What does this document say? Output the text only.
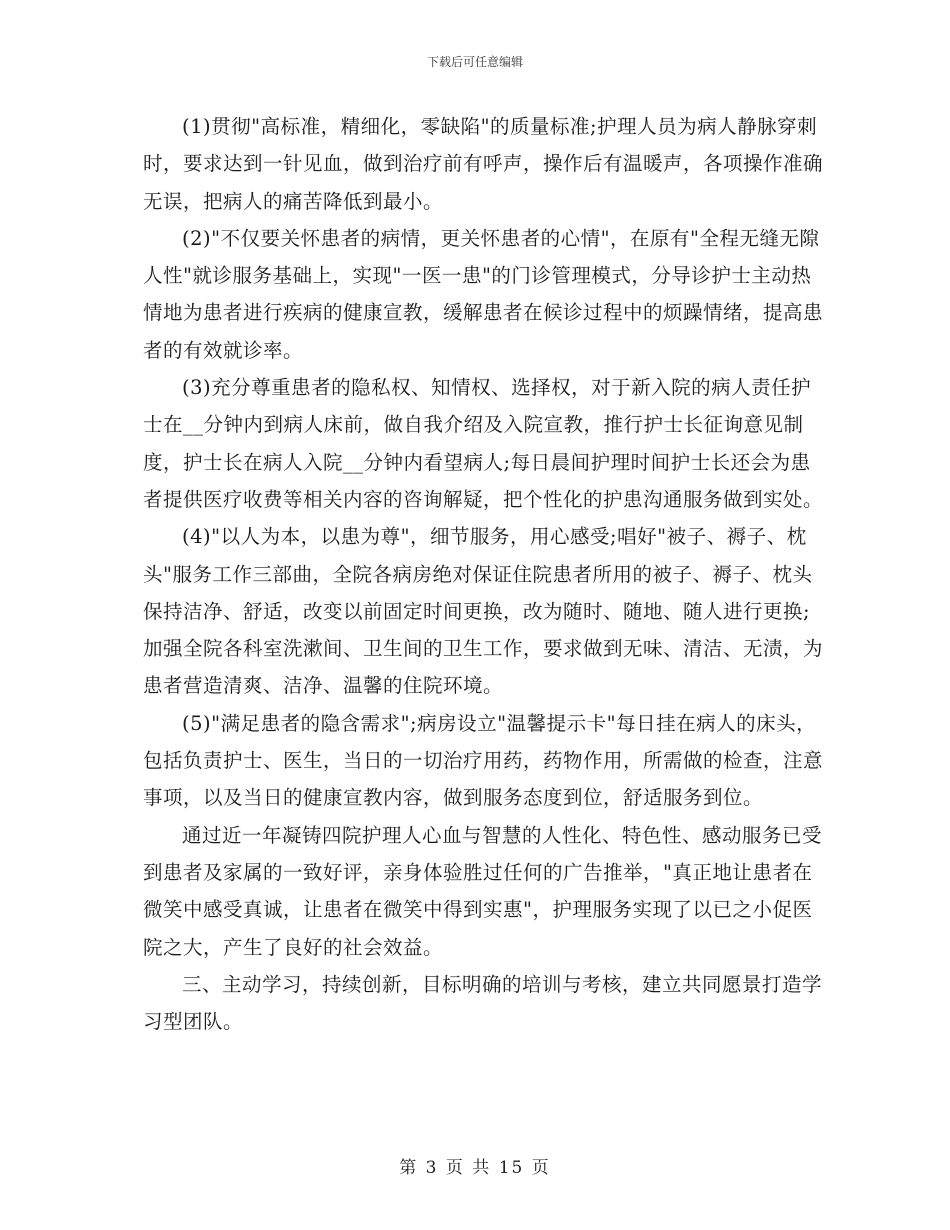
下载后可任意编辑

(1)贯彻"高标准，精细化，零缺陷"的质量标准;护理人员为病人静脉穿刺时，要求达到一针见血，做到治疗前有呼声，操作后有温暖声，各项操作准确无误，把病人的痛苦降低到最小。

(2)"不仅要关怀患者的病情，更关怀患者的心情"，在原有"全程无缝无隙人性"就诊服务基础上，实现"一医一患"的门诊管理模式，分导诊护士主动热情地为患者进行疾病的健康宣教，缓解患者在候诊过程中的烦躁情绪，提高患者的有效就诊率。

(3)充分尊重患者的隐私权、知情权、选择权，对于新入院的病人责任护士在__分钟内到病人床前，做自我介绍及入院宣教，推行护士长征询意见制度，护士长在病人入院__分钟内看望病人;每日晨间护理时间护士长还会为患者提供医疗收费等相关内容的咨询解疑，把个性化的护患沟通服务做到实处。

(4)"以人为本，以患为尊"，细节服务，用心感受;唱好"被子、褥子、枕头"服务工作三部曲，全院各病房绝对保证住院患者所用的被子、褥子、枕头保持洁净、舒适，改变以前固定时间更换，改为随时、随地、随人进行更换;加强全院各科室洗漱间、卫生间的卫生工作，要求做到无味、清洁、无渍，为患者营造清爽、洁净、温馨的住院环境。

(5)"满足患者的隐含需求";病房设立"温馨提示卡"每日挂在病人的床头，包括负责护士、医生，当日的一切治疗用药，药物作用，所需做的检查，注意事项，以及当日的健康宣教内容，做到服务态度到位，舒适服务到位。

通过近一年凝铸四院护理人心血与智慧的人性化、特色性、感动服务已受到患者及家属的一致好评，亲身体验胜过任何的广告推举，"真正地让患者在微笑中感受真诚，让患者在微笑中得到实惠"，护理服务实现了以已之小促医院之大，产生了良好的社会效益。

三、主动学习，持续创新，目标明确的培训与考核，建立共同愿景打造学习型团队。

第 3 页 共 15 页
